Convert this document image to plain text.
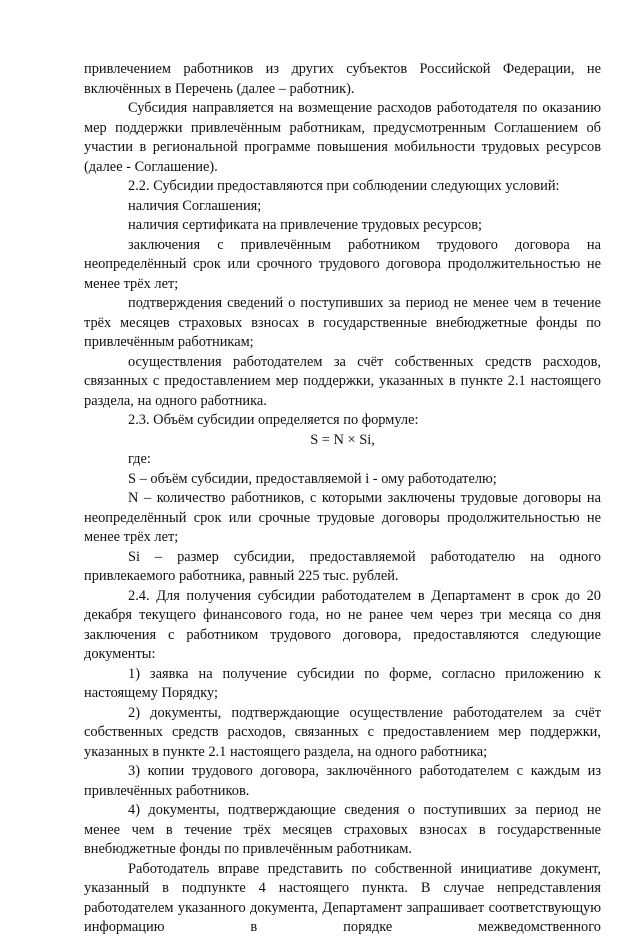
привлечением работников из других субъектов Российской Федерации, не включённых в Перечень (далее – работник).

Субсидия направляется на возмещение расходов работодателя по оказанию мер поддержки привлечённым работникам, предусмотренным Соглашением об участии в региональной программе повышения мобильности трудовых ресурсов (далее - Соглашение).

2.2. Субсидии предоставляются при соблюдении следующих условий:

наличия Соглашения;

наличия сертификата на привлечение трудовых ресурсов;

заключения с привлечённым работником трудового договора на неопределённый срок или срочного трудового договора продолжительностью не менее трёх лет;

подтверждения сведений о поступивших за период не менее чем в течение трёх месяцев страховых взносах в государственные внебюджетные фонды по привлечённым работникам;

осуществления работодателем за счёт собственных средств расходов, связанных с предоставлением мер поддержки, указанных в пункте 2.1 настоящего раздела, на одного работника.

2.3. Объём субсидии определяется по формуле:

S = N × Si,

где:

S – объём субсидии, предоставляемой i - ому работодателю;

N – количество работников, с которыми заключены трудовые договоры на неопределённый срок или срочные трудовые договоры продолжительностью не менее трёх лет;

Si – размер субсидии, предоставляемой работодателю на одного привлекаемого работника, равный 225 тыс. рублей.

2.4. Для получения субсидии работодателем в Департамент в срок до 20 декабря текущего финансового года, но не ранее чем через три месяца со дня заключения с работником трудового договора, предоставляются следующие документы:

1) заявка на получение субсидии по форме, согласно приложению к настоящему Порядку;

2) документы, подтверждающие осуществление работодателем за счёт собственных средств расходов, связанных с предоставлением мер поддержки, указанных в пункте 2.1 настоящего раздела, на одного работника;

3) копии трудового договора, заключённого работодателем с каждым из привлечённых работников.

4) документы, подтверждающие сведения о поступивших за период не менее чем в течение трёх месяцев страховых взносах в государственные внебюджетные фонды по привлечённым работникам.

Работодатель вправе представить по собственной инициативе документ, указанный в подпункте 4 настоящего пункта. В случае непредставления работодателем указанного документа, Департамент запрашивает соответствующую информацию в порядке межведомственного
